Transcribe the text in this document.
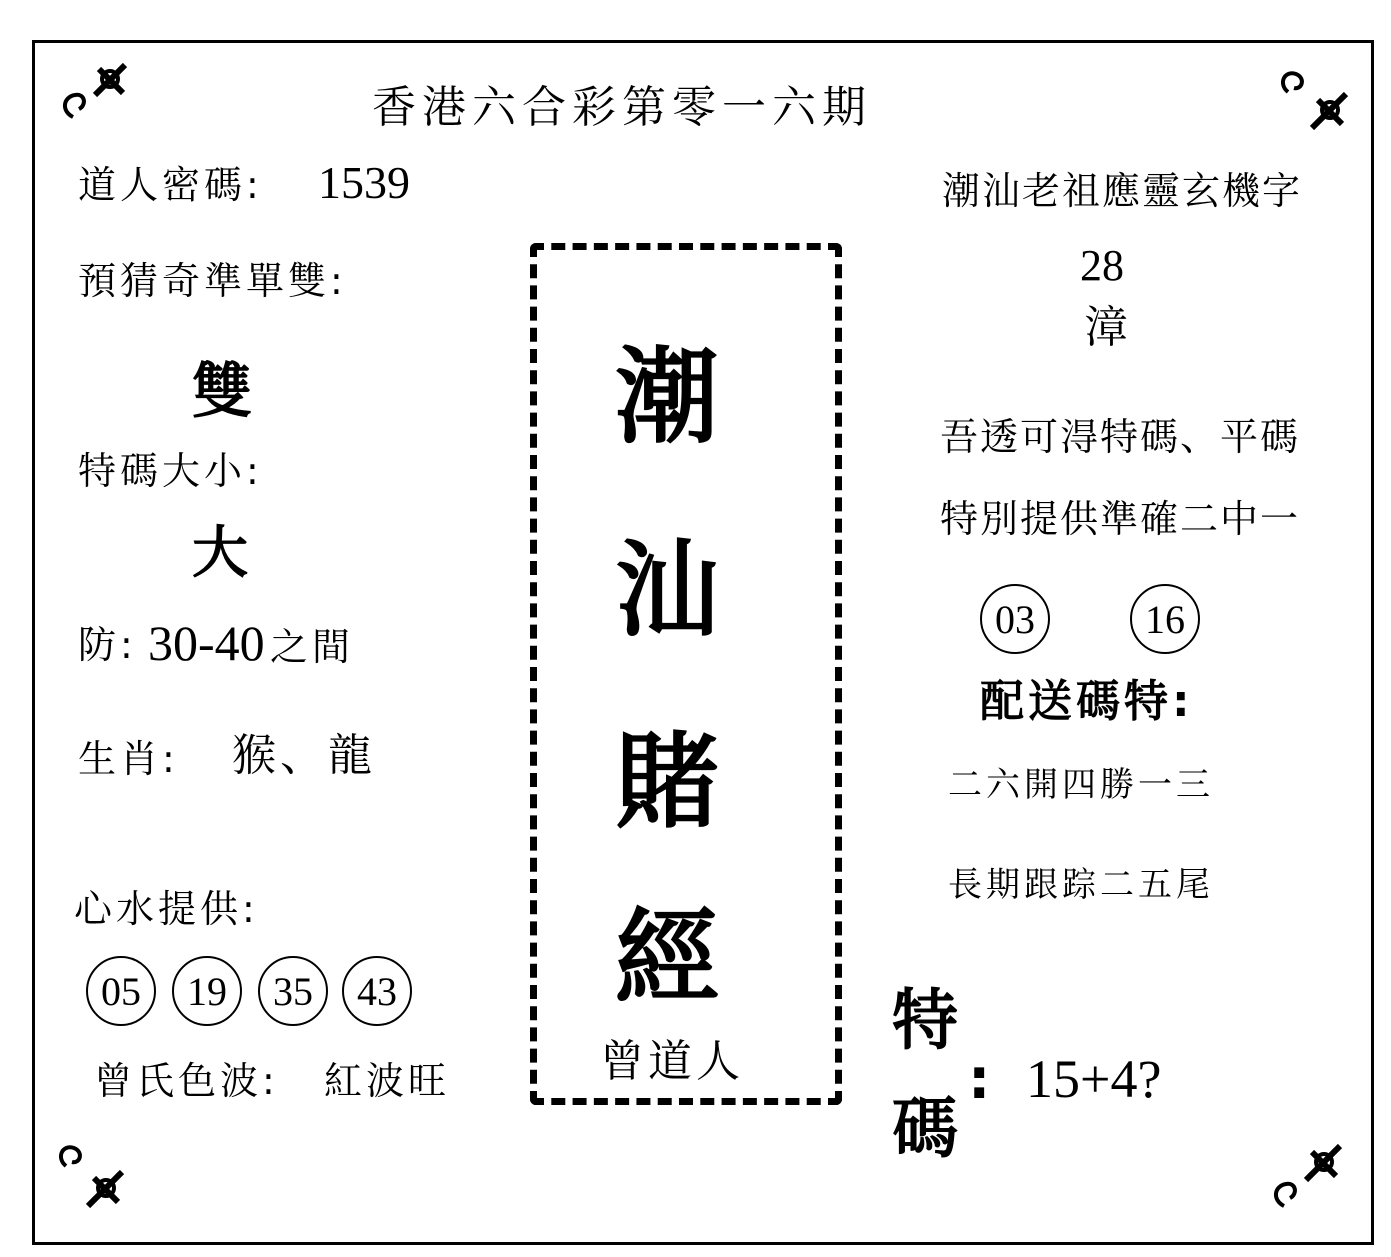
香港六合彩第零一六期
道人密碼: 1539
預猜奇準單雙:
雙
特碼大小:
大
防: 30-40 之間
生肖: 猴、龍
心水提供:
05	19	35	43
曾氏色波: 紅波旺
潮
汕
賭
經
曾道人
潮汕老祖應靈玄機字
28
漳
吾透可淂特碼、平碼
特別提供準確二中一
03	16
配送碼特:
二六開四勝一三
長期跟踪二五尾
特
碼
: 15+4?
